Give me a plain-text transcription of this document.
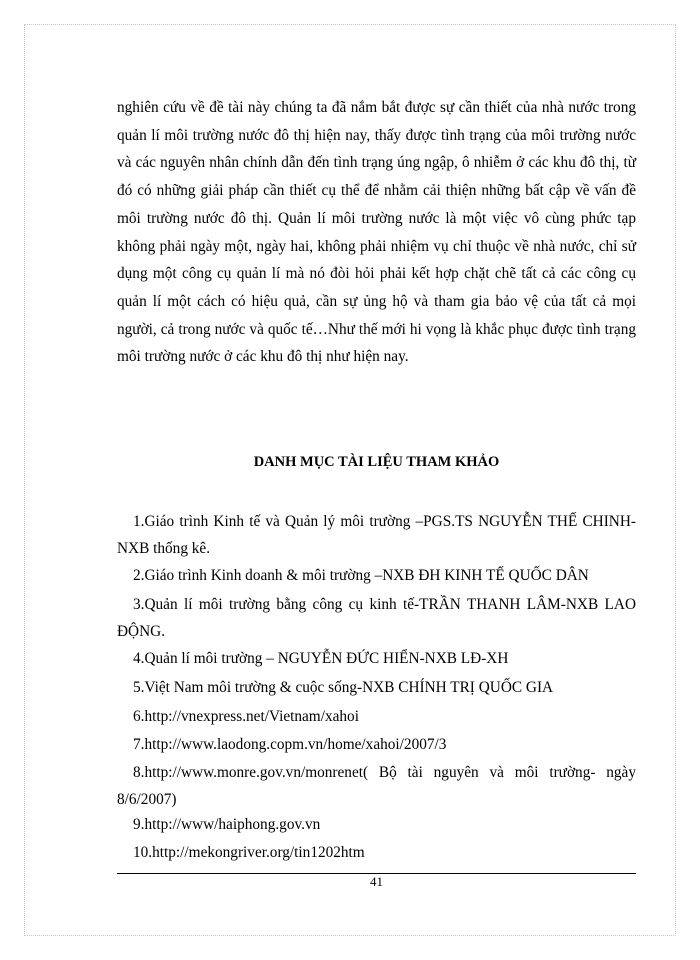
nghiên cứu về đề tài này chúng ta đã nắm bắt được sự cần thiết của nhà nước trong quản lí môi trường nước đô thị hiện nay, thấy được tình trạng của môi trường nước và các nguyên nhân chính dẫn đến tình trạng úng ngập, ô nhiễm ở các khu đô thị, từ đó có những giải pháp cần thiết cụ thể để nhằm cải thiện những bất cập về vấn đề môi trường nước đô thị. Quản lí môi trường nước là một việc vô cùng phức tạp không phải ngày một, ngày hai, không phải nhiệm vụ chỉ thuộc về nhà nước, chỉ sử dụng một công cụ quản lí mà nó đòi hỏi phải kết hợp chặt chẽ tất cả các công cụ quản lí một cách có hiệu quả, cần sự ủng hộ và tham gia bảo vệ của tất cả mọi người, cả trong nước và quốc tế…Như thế mới hi vọng là khắc phục được tình trạng môi trường nước ở các khu đô thị như hiện nay.

DANH MỤC TÀI LIỆU THAM KHẢO

1.Giáo trình Kinh tế và Quản lý môi trường –PGS.TS NGUYỄN THẾ CHINH-NXB thống kê.

2.Giáo trình Kinh doanh & môi trường –NXB ĐH KINH TẾ QUỐC DÂN

3.Quản lí môi trường bằng công cụ kinh tế-TRẦN THANH LÂM-NXB LAO ĐỘNG.

4.Quản lí môi trường – NGUYỄN ĐỨC HIỂN-NXB LĐ-XH

5.Việt Nam môi trường & cuộc sống-NXB CHÍNH TRỊ QUỐC GIA

6.http://vnexpress.net/Vietnam/xahoi

7.http://www.laodong.copm.vn/home/xahoi/2007/3

8.http://www.monre.gov.vn/monrenet( Bộ tài nguyên và môi trường- ngày 8/6/2007)

9.http://www/haiphong.gov.vn

10.http://mekongriver.org/tin1202htm

41
